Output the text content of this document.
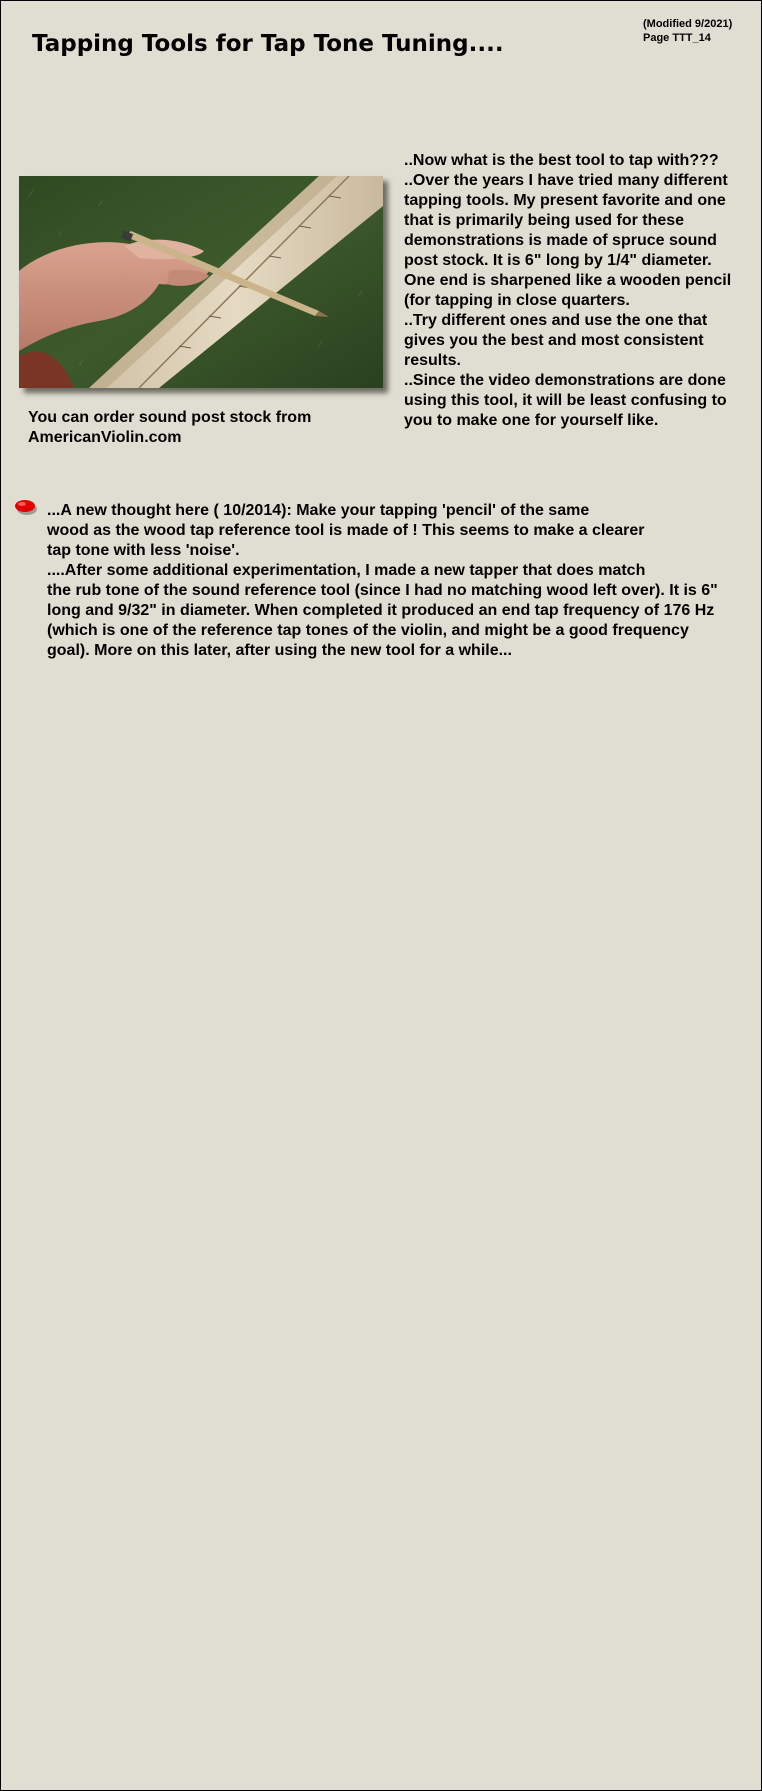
Tapping Tools for Tap Tone Tuning....
(Modified 9/2021)
Page TTT_14
You can order sound post stock from
AmericanViolin.com

..Now what is the best tool to tap with???

..Over the years I have tried many different tapping tools. My present favorite and one that is primarily being used for these demonstrations is made of spruce sound post stock. It is 6" long by 1/4" diameter. One end is sharpened like a wooden pencil (for tapping in close quarters.

..Try different ones and use the one that gives you the best and most consistent results.

..Since the video demonstrations are done using this tool, it will be least confusing to you to make one for yourself like.

...A new thought here ( 10/2014): Make your tapping 'pencil' of the same
wood as the wood tap reference tool is made of ! This seems to make a clearer
tap tone with less 'noise'.
....After some additional experimentation, I made a new tapper that does match
the rub tone of the sound reference tool (since I had no matching wood left over). It is 6"
long and 9/32" in diameter. When completed it produced an end tap frequency of 176 Hz
(which is one of the reference tap tones of the violin, and might be a good frequency
goal). More on this later, after using the new tool for a while...
